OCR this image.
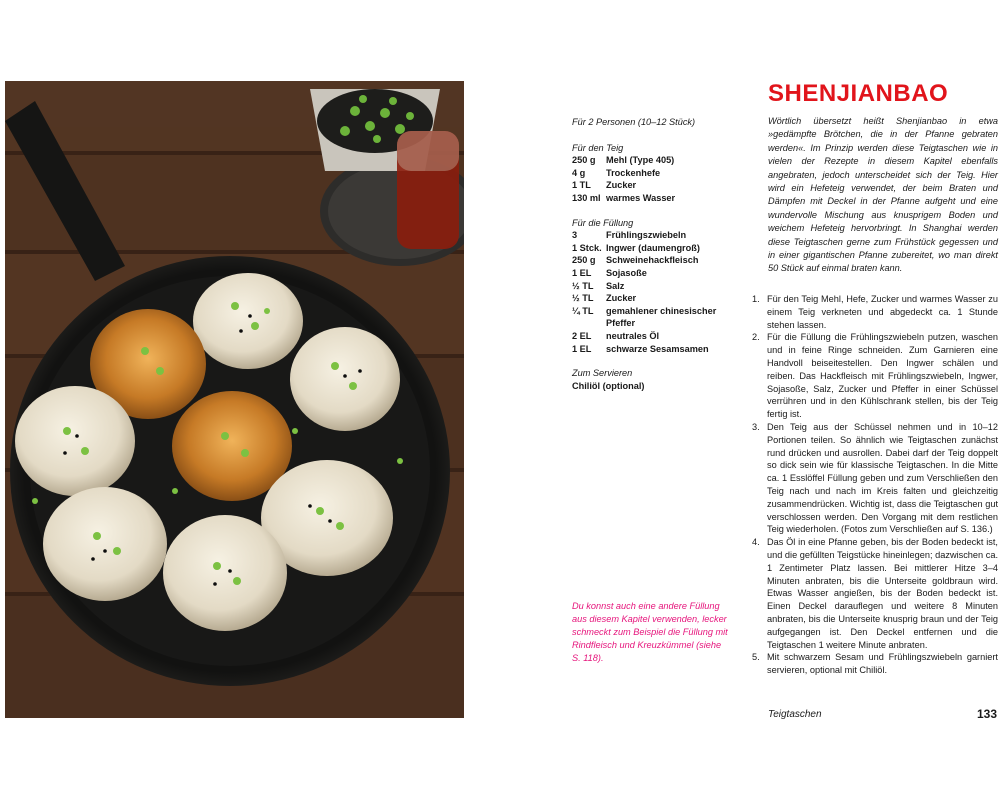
SHENJIANBAO
Wörtlich übersetzt heißt Shenjianbao in etwa »gedämpfte Brötchen, die in der Pfanne gebraten werden«. Im Prinzip werden diese Teigtaschen wie in vielen der Rezepte in diesem Kapitel ebenfalls angebraten, jedoch unterscheidet sich der Teig. Hier wird ein Hefeteig verwendet, der beim Braten und Dämpfen mit Deckel in der Pfanne aufgeht und eine wundervolle Mischung aus knusprigem Boden und weichem Hefeteig hervorbringt. In Shanghai werden diese Teigtaschen gerne zum Frühstück gegessen und in einer gigantischen Pfanne zubereitet, wo man direkt 50 Stück auf einmal braten kann.
Für 2 Personen (10–12 Stück)
Für den Teig
250 g	Mehl (Type 405)
4 g	Trockenhefe
1 TL	Zucker
130 ml warmes Wasser
Für die Füllung
3	Frühlingszwiebeln
1 Stck. Ingwer (daumengroß)
250 g	Schweinehackfleisch
1 EL	Sojasoße
½ TL	Salz
½ TL	Zucker
¼ TL	gemahlener chinesischer Pfeffer
2 EL	neutrales Öl
1 EL	schwarze Sesamsamen
Zum Servieren
Chiliöl (optional)
Du konnst auch eine andere Füllung aus diesem Kapitel verwenden, lecker schmeckt zum Beispiel die Füllung mit Rindfleisch und Kreuzkümmel (siehe S. 118).
1. Für den Teig Mehl, Hefe, Zucker und warmes Wasser zu einem Teig verkneten und abgedeckt ca. 1 Stunde stehen lassen.
2. Für die Füllung die Frühlingszwiebeln putzen, waschen und in feine Ringe schneiden. Zum Garnieren eine Handvoll beiseitestellen. Den Ingwer schälen und reiben. Das Hackfleisch mit Frühlingszwiebeln, Ingwer, Sojasoße, Salz, Zucker und Pfeffer in einer Schüssel verrühren und in den Kühlschrank stellen, bis der Teig fertig ist.
3. Den Teig aus der Schüssel nehmen und in 10–12 Portionen teilen. So ähnlich wie Teigtaschen zunächst rund drücken und ausrollen. Dabei darf der Teig doppelt so dick sein wie für klassische Teigtaschen. In die Mitte ca. 1 Esslöffel Füllung geben und zum Verschließen den Teig nach und nach im Kreis falten und gleichzeitig zusammendrücken. Wichtig ist, dass die Teigtaschen gut verschlossen werden. Den Vorgang mit dem restlichen Teig wiederholen. (Fotos zum Verschließen auf S. 136.)
4. Das Öl in eine Pfanne geben, bis der Boden bedeckt ist, und die gefüllten Teigstücke hineinlegen; dazwischen ca. 1 Zentimeter Platz lassen. Bei mittlerer Hitze 3–4 Minuten anbraten, bis die Unterseite goldbraun wird. Etwas Wasser angießen, bis der Boden bedeckt ist. Einen Deckel darauflegen und weitere 8 Minuten anbraten, bis die Unterseite knusprig braun und der Teig aufgegangen ist. Den Deckel entfernen und die Teigtaschen 1 weitere Minute anbraten.
5. Mit schwarzem Sesam und Frühlingszwiebeln garniert servieren, optional mit Chiliöl.
Teigtaschen	133
